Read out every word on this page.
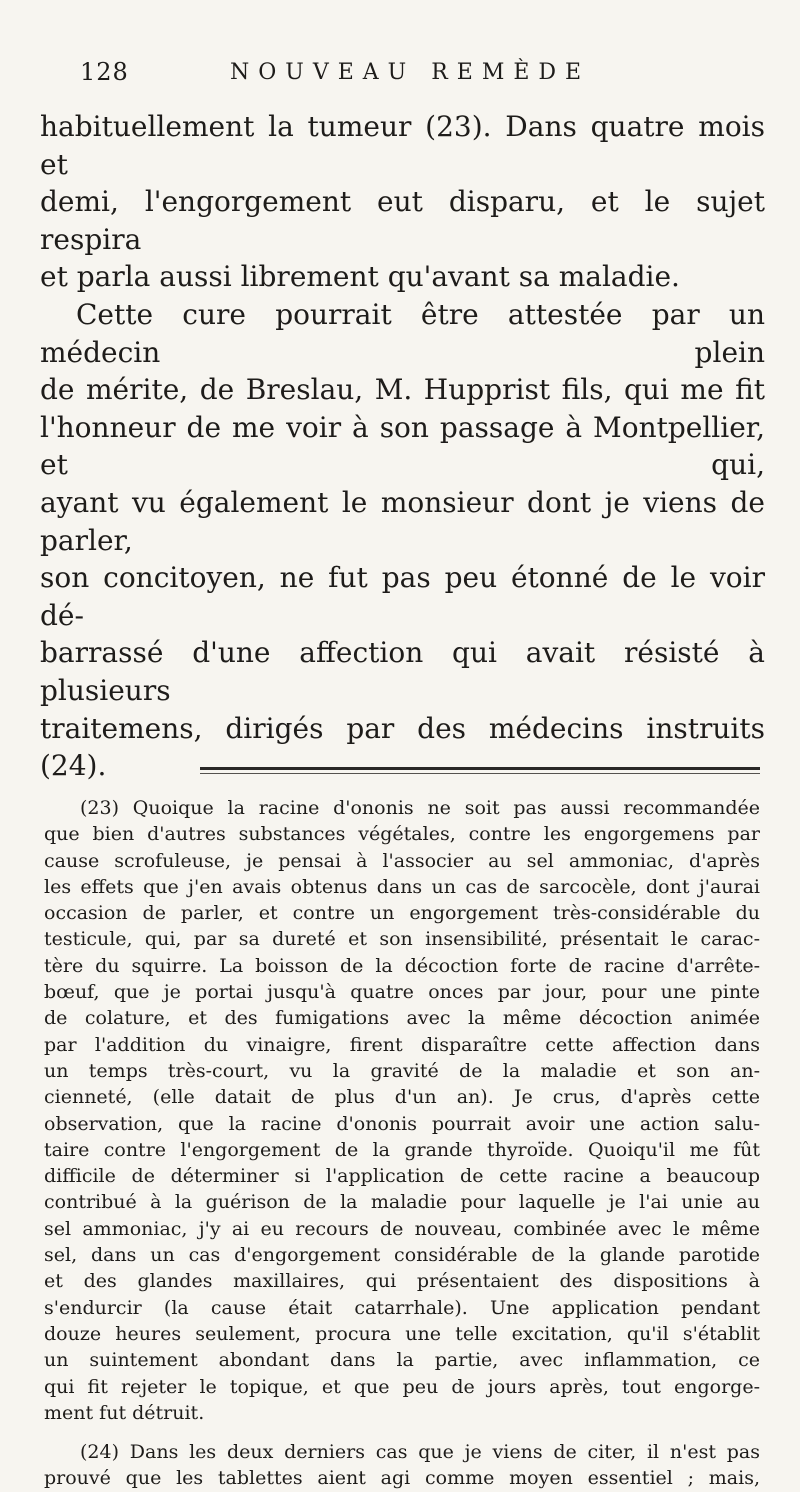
128	NOUVEAU REMÈDE

habituellement la tumeur (23). Dans quatre mois et

demi, l'engorgement eut disparu, et le sujet respira

et parla aussi librement qu'avant sa maladie.

Cette cure pourrait être attestée par un médecin plein

de mérite, de Breslau, M. Hupprist fils, qui me fit

l'honneur de me voir à son passage à Montpellier, et qui,

ayant vu également le monsieur dont je viens de parler,

son concitoyen, ne fut pas peu étonné de le voir dé-

barrassé d'une affection qui avait résisté à plusieurs

traitemens, dirigés par des médecins instruits (24).

(23) Quoique la racine d'ononis ne soit pas aussi recommandée

que bien d'autres substances végétales, contre les engorgemens par

cause scrofuleuse, je pensai à l'associer au sel ammoniac, d'après

les effets que j'en avais obtenus dans un cas de sarcocèle, dont j'aurai

occasion de parler, et contre un engorgement très-considérable du

testicule, qui, par sa dureté et son insensibilité, présentait le carac-

tère du squirre. La boisson de la décoction forte de racine d'arrête-

bœuf, que je portai jusqu'à quatre onces par jour, pour une pinte

de colature, et des fumigations avec la même décoction animée

par l'addition du vinaigre, firent disparaître cette affection dans

un temps très-court, vu la gravité de la maladie et son an-

cienneté, (elle datait de plus d'un an). Je crus, d'après cette

observation, que la racine d'ononis pourrait avoir une action salu-

taire contre l'engorgement de la grande thyroïde. Quoiqu'il me fût

difficile de déterminer si l'application de cette racine a beaucoup

contribué à la guérison de la maladie pour laquelle je l'ai unie au

sel ammoniac, j'y ai eu recours de nouveau, combinée avec le même

sel, dans un cas d'engorgement considérable de la glande parotide

et des glandes maxillaires, qui présentaient des dispositions à

s'endurcir (la cause était catarrhale). Une application pendant

douze heures seulement, procura une telle excitation, qu'il s'établit

un suintement abondant dans la partie, avec inflammation, ce

qui fit rejeter le topique, et que peu de jours après, tout engorge-

ment fut détruit.

(24) Dans les deux derniers cas que je viens de citer, il n'est pas

prouvé que les tablettes aient agi comme moyen essentiel ; mais,
